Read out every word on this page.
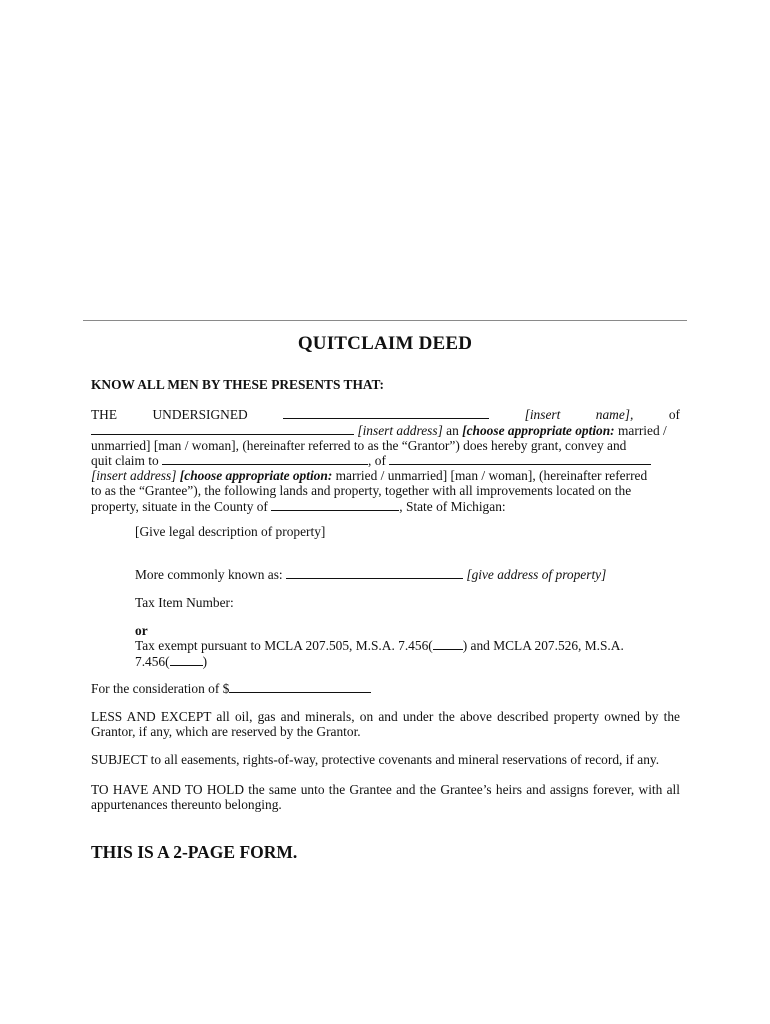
QUITCLAIM DEED
KNOW ALL MEN BY THESE PRESENTS THAT:
THE	UNDERSIGNED	[insert	name],	of
[insert address] an [choose appropriate option: married /
unmarried] [man / woman], (hereinafter referred to as the “Grantor”) does hereby grant, convey and
quit claim to	, of
[insert address] [choose appropriate option: married / unmarried] [man / woman], (hereinafter referred
to as the “Grantee”), the following lands and property, together with all improvements located on the
property, situate in the County of	, State of Michigan:
[Give legal description of property]
More commonly known as:	[give address of property]
Tax Item Number:
or
Tax exempt pursuant to MCLA 207.505, M.S.A. 7.456( ) and MCLA 207.526, M.S.A.
7.456( )
For the consideration of $
LESS AND EXCEPT all oil, gas and minerals, on and under the above described property owned by the Grantor, if any, which are reserved by the Grantor.
SUBJECT to all easements, rights-of-way, protective covenants and mineral reservations of record, if any.
TO HAVE AND TO HOLD the same unto the Grantee and the Grantee’s heirs and assigns forever, with all appurtenances thereunto belonging.
THIS IS A 2-PAGE FORM.
